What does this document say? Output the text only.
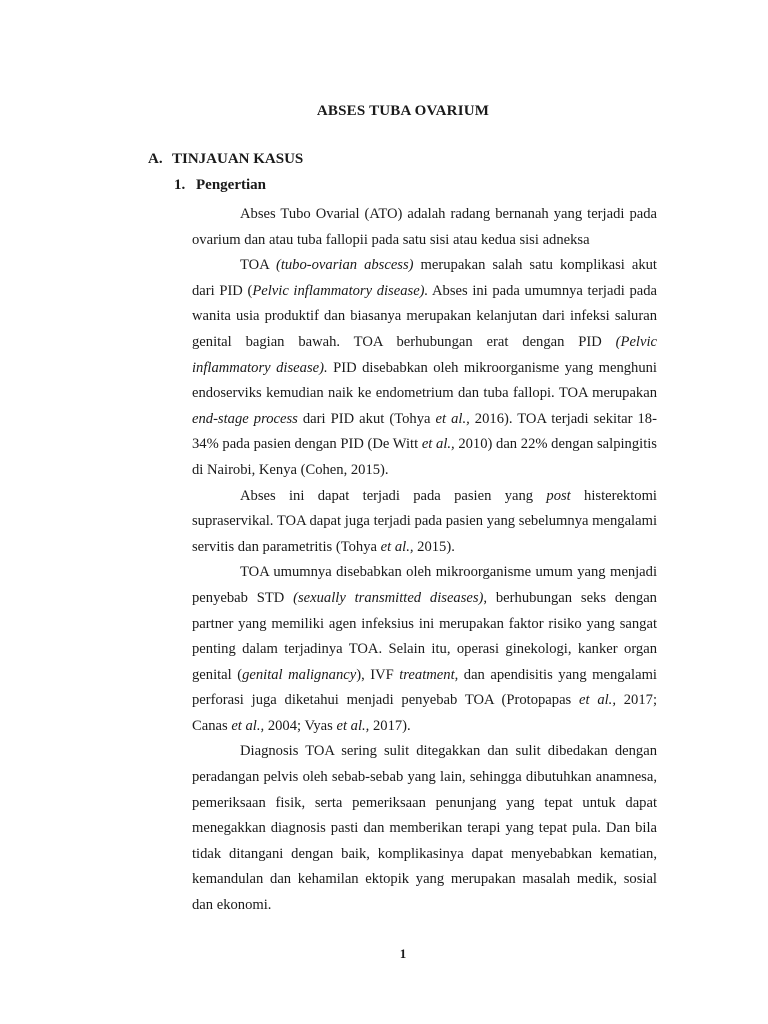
ABSES TUBA OVARIUM
A. TINJAUAN KASUS
1. Pengertian

Abses Tubo Ovarial (ATO) adalah radang bernanah yang terjadi pada ovarium dan atau tuba fallopii pada satu sisi atau kedua sisi adneksa

TOA (tubo-ovarian abscess) merupakan salah satu komplikasi akut dari PID (Pelvic inflammatory disease). Abses ini pada umumnya terjadi pada wanita usia produktif dan biasanya merupakan kelanjutan dari infeksi saluran genital bagian bawah. TOA berhubungan erat dengan PID (Pelvic inflammatory disease). PID disebabkan oleh mikroorganisme yang menghuni endoserviks kemudian naik ke endometrium dan tuba fallopi. TOA merupakan end-stage process dari PID akut (Tohya et al., 2016). TOA terjadi sekitar 18-34% pada pasien dengan PID (De Witt et al., 2010) dan 22% dengan salpingitis di Nairobi, Kenya (Cohen, 2015).

Abses ini dapat terjadi pada pasien yang post histerektomi supraservikal. TOA dapat juga terjadi pada pasien yang sebelumnya mengalami servitis dan parametritis (Tohya et al., 2015).

TOA umumnya disebabkan oleh mikroorganisme umum yang menjadi penyebab STD (sexually transmitted diseases), berhubungan seks dengan partner yang memiliki agen infeksius ini merupakan faktor risiko yang sangat penting dalam terjadinya TOA. Selain itu, operasi ginekologi, kanker organ genital (genital malignancy), IVF treatment, dan apendisitis yang mengalami perforasi juga diketahui menjadi penyebab TOA (Protopapas et al., 2017; Canas et al., 2004; Vyas et al., 2017).

Diagnosis TOA sering sulit ditegakkan dan sulit dibedakan dengan peradangan pelvis oleh sebab-sebab yang lain, sehingga dibutuhkan anamnesa, pemeriksaan fisik, serta pemeriksaan penunjang yang tepat untuk dapat menegakkan diagnosis pasti dan memberikan terapi yang tepat pula. Dan bila tidak ditangani dengan baik, komplikasinya dapat menyebabkan kematian, kemandulan dan kehamilan ektopik yang merupakan masalah medik, sosial dan ekonomi.

1
